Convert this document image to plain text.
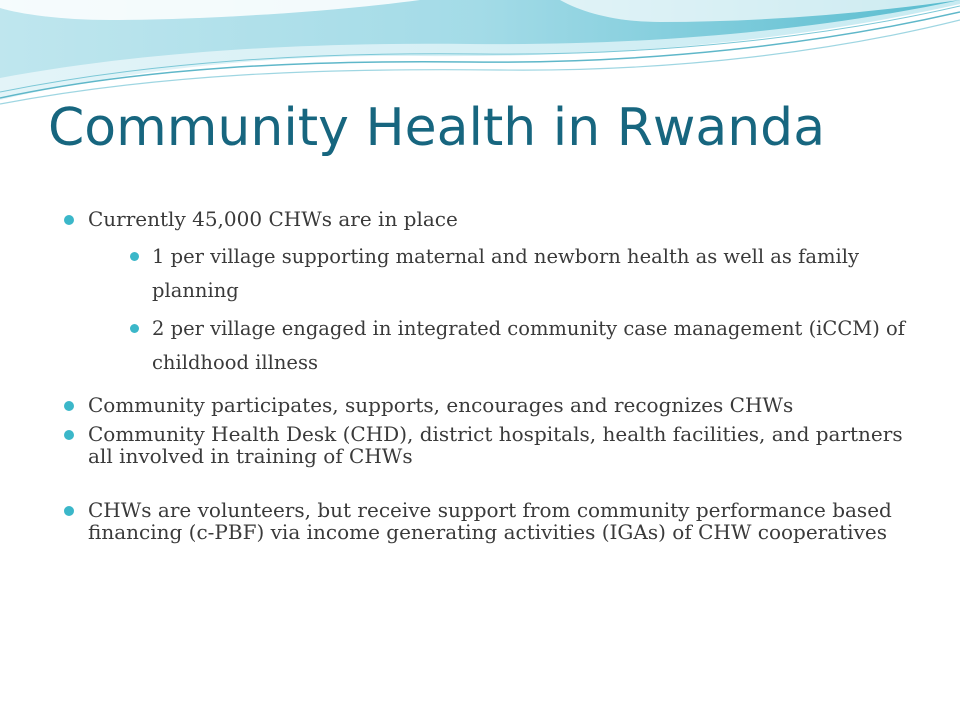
Community Health in Rwanda
Currently 45,000 CHWs are in place
1 per village supporting maternal and newborn health as well as family planning
2 per village engaged in integrated community case management (iCCM) of childhood illness
Community participates, supports, encourages and recognizes CHWs
Community Health Desk (CHD), district hospitals, health facilities, and partners all involved in training of CHWs
CHWs are volunteers, but receive support from community performance based financing (c-PBF) via income generating activities (IGAs) of CHW cooperatives
